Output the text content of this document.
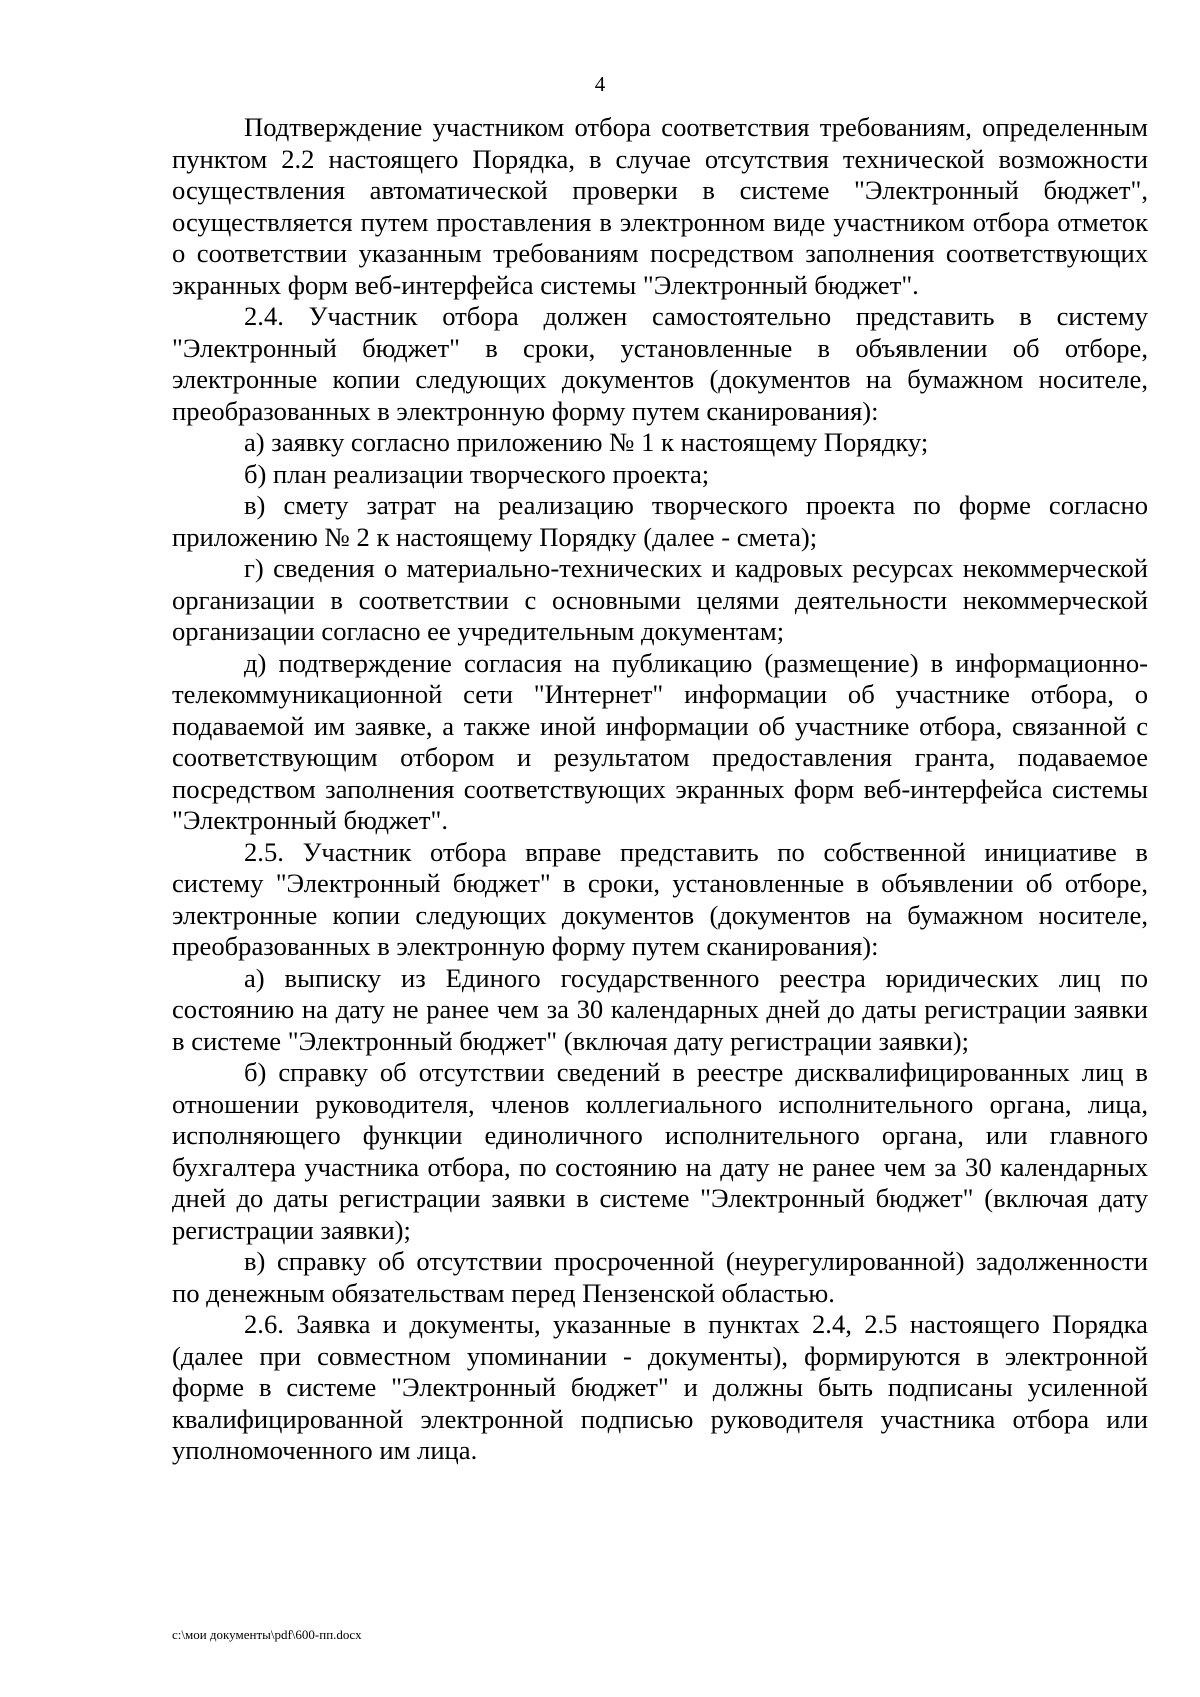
4

Подтверждение участником отбора соответствия требованиям, определенным пунктом 2.2 настоящего Порядка, в случае отсутствия технической возможности осуществления автоматической проверки в системе "Электронный бюджет", осуществляется путем проставления в электронном виде участником отбора отметок о соответствии указанным требованиям посредством заполнения соответствующих экранных форм веб-интерфейса системы "Электронный бюджет".

2.4. Участник отбора должен самостоятельно представить в систему "Электронный бюджет" в сроки, установленные в объявлении об отборе, электронные копии следующих документов (документов на бумажном носителе, преобразованных в электронную форму путем сканирования):

а) заявку согласно приложению № 1 к настоящему Порядку;

б) план реализации творческого проекта;

в) смету затрат на реализацию творческого проекта по форме согласно приложению № 2 к настоящему Порядку (далее - смета);

г) сведения о материально-технических и кадровых ресурсах некоммерческой организации в соответствии с основными целями деятельности некоммерческой организации согласно ее учредительным документам;

д) подтверждение согласия на публикацию (размещение) в информационно-телекоммуникационной сети "Интернет" информации об участнике отбора, о подаваемой им заявке, а также иной информации об участнике отбора, связанной с соответствующим отбором и результатом предоставления гранта, подаваемое посредством заполнения соответствующих экранных форм веб-интерфейса системы "Электронный бюджет".

2.5. Участник отбора вправе представить по собственной инициативе в систему "Электронный бюджет" в сроки, установленные в объявлении об отборе, электронные копии следующих документов (документов на бумажном носителе, преобразованных в электронную форму путем сканирования):

а) выписку из Единого государственного реестра юридических лиц по состоянию на дату не ранее чем за 30 календарных дней до даты регистрации заявки в системе "Электронный бюджет" (включая дату регистрации заявки);

б) справку об отсутствии сведений в реестре дисквалифицированных лиц в отношении руководителя, членов коллегиального исполнительного органа, лица, исполняющего функции единоличного исполнительного органа, или главного бухгалтера участника отбора, по состоянию на дату не ранее чем за 30 календарных дней до даты регистрации заявки в системе "Электронный бюджет" (включая дату регистрации заявки);

в) справку об отсутствии просроченной (неурегулированной) задолженности по денежным обязательствам перед Пензенской областью.

2.6. Заявка и документы, указанные в пунктах 2.4, 2.5 настоящего Порядка (далее при совместном упоминании - документы), формируются в электронной форме в системе "Электронный бюджет" и должны быть подписаны усиленной квалифицированной электронной подписью руководителя участника отбора или уполномоченного им лица.

c:\мои документы\pdf\600-пп.docx
